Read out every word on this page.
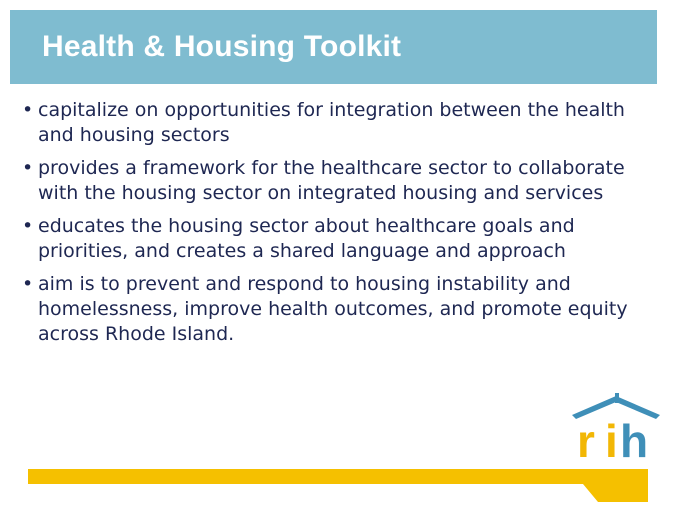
Health & Housing Toolkit
• capitalize on opportunities for integration between the health and housing sectors
• provides a framework for the healthcare sector to collaborate with the housing sector on integrated housing and services
• educates the housing sector about healthcare goals and priorities, and creates a shared language and approach
• aim is to prevent and respond to housing instability and homelessness, improve health outcomes, and promote equity across Rhode Island.
r i h
